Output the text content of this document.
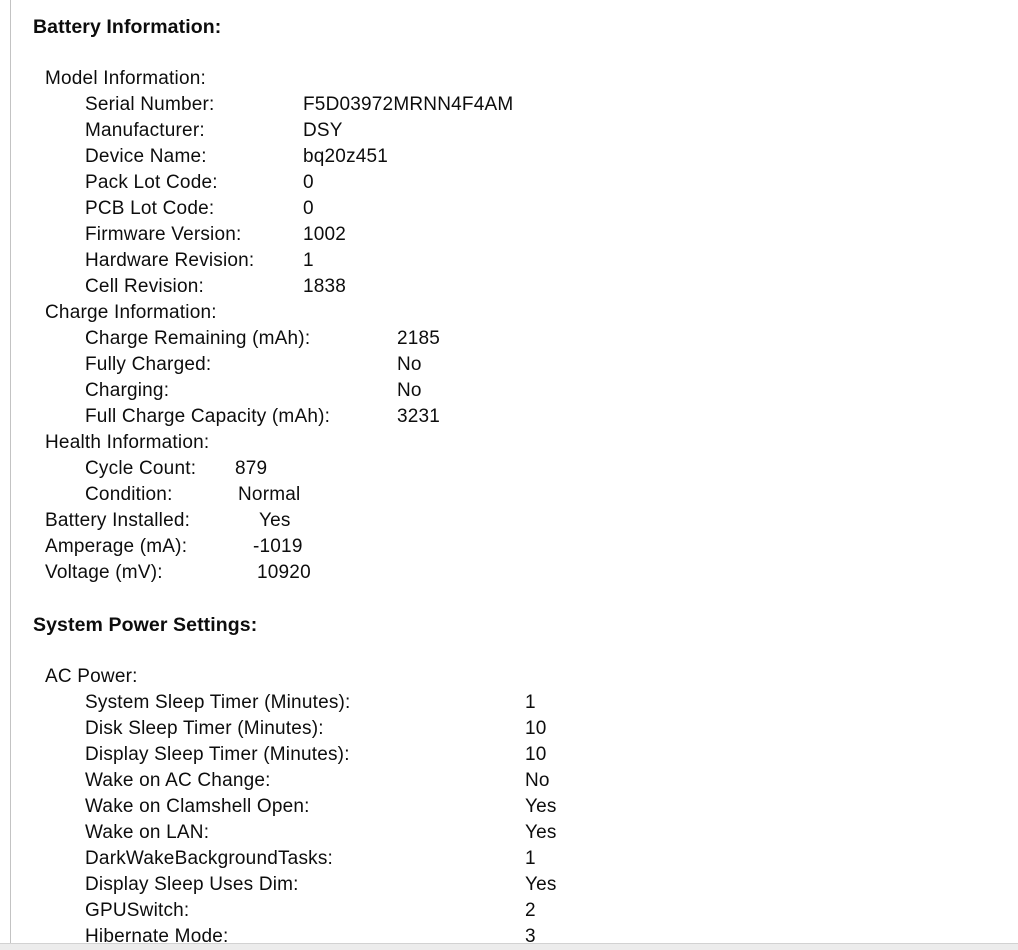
Battery Information:
Model Information:
Serial Number:	F5D03972MRNN4F4AM
Manufacturer:	DSY
Device Name:	bq20z451
Pack Lot Code:	0
PCB Lot Code:	0
Firmware Version:	1002
Hardware Revision:	1
Cell Revision:	1838
Charge Information:
Charge Remaining (mAh):	2185
Fully Charged:	No
Charging:	No
Full Charge Capacity (mAh):	3231
Health Information:
Cycle Count: 879
Condition:	Normal
Battery Installed:	Yes
Amperage (mA):	-1019
Voltage (mV):	10920
System Power Settings:
AC Power:
System Sleep Timer (Minutes):	1
Disk Sleep Timer (Minutes):	10
Display Sleep Timer (Minutes):	10
Wake on AC Change:	No
Wake on Clamshell Open:	Yes
Wake on LAN:	Yes
DarkWakeBackgroundTasks:	1
Display Sleep Uses Dim:	Yes
GPUSwitch:	2
Hibernate Mode:	3
